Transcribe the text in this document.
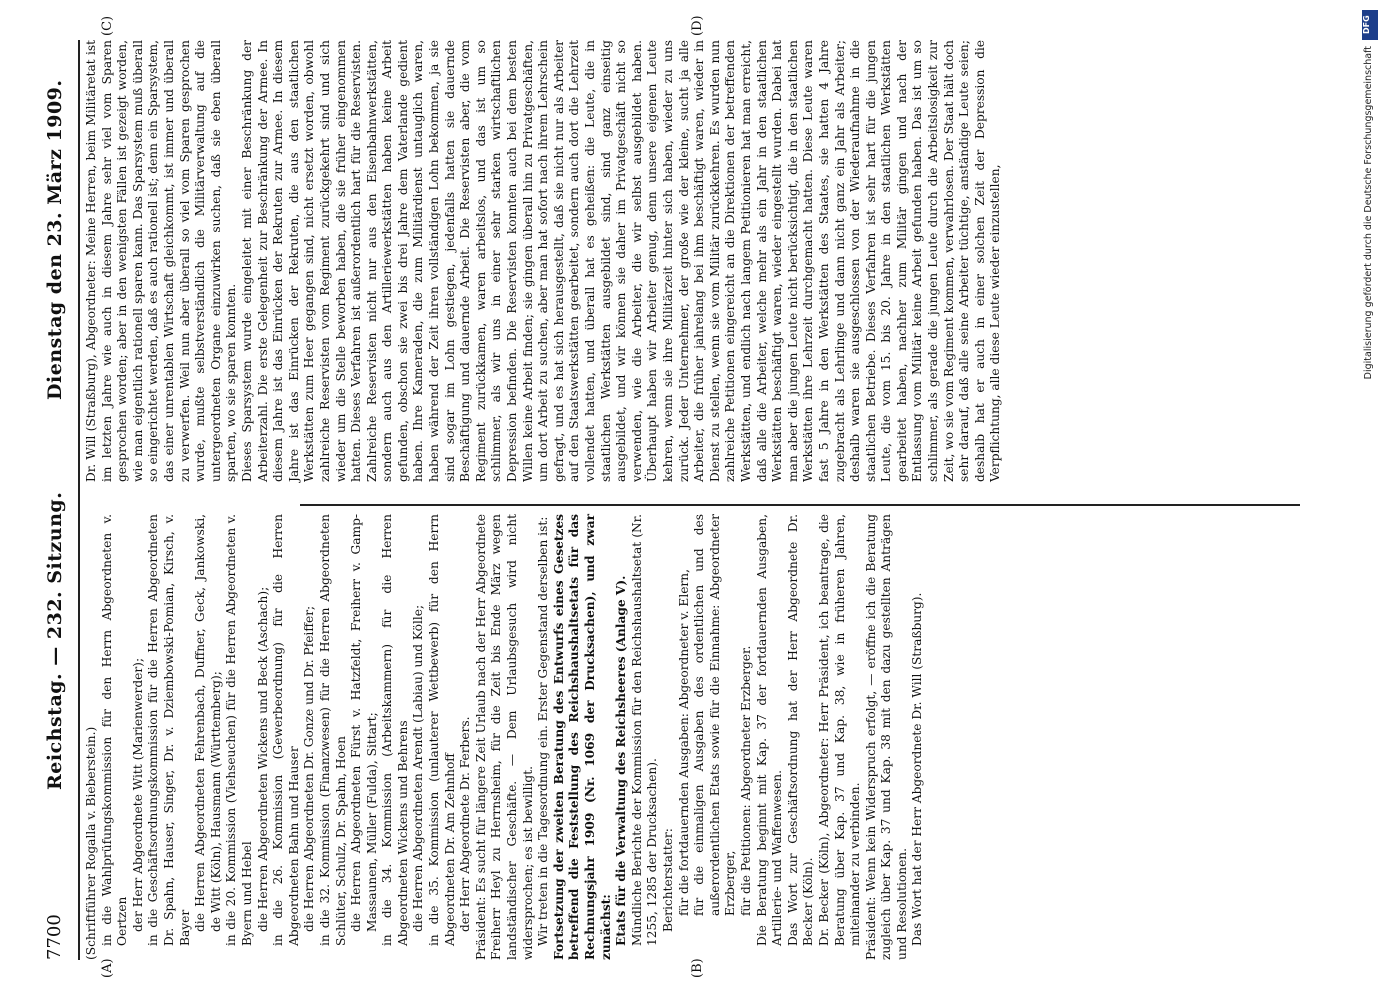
7700
Reichstag. — 232. Sitzung.
Dienstag den 23. März 1909.
(A)	(B)
(C)	(D)

(Schriftführer Rogalla v. Bieberstein.) in die Wahlprüfungskommission für den Herrn Abgeordneten v. Oertzen der Herr Abgeordnete Witt (Marienwerder); in die Geschäftsordnungskommission für die Herren Abgeordneten Dr. Spahn, Hauser, Singer, Dr. v. Dziembowski-Pomian, Kirsch, v. Bayer die Herren Abgeordneten Fehrenbach, Duffner, Geck, Jankowski, de Witt (Köln), Hausmann (Württemberg); in die 20. Kommission (Viehseuchen) für die Herren Abgeordneten v. Byern und Hebel die Herren Abgeordneten Wickens und Beck (Aschach); in die 26. Kommission (Gewerbeordnung) für die Herren Abgeordneten Bahn und Hauser die Herren Abgeordneten Dr. Gonze und Dr. Pfeiffer; in die 32. Kommission (Finanzwesen) für die Herren Abgeordneten Schlüter, Schulz, Dr. Spahn, Hoen die Herren Abgeordneten Fürst v. Hatzfeldt, Freiherr v. Gamp-Massaunen, Müller (Fulda), Sittart; in die 34. Kommission (Arbeitskammern) für die Herren Abgeordneten Wickens und Behrens die Herren Abgeordneten Arendt (Labiau) und Kölle; in die 35. Kommission (unlauterer Wettbewerb) für den Herrn Abgeordneten Dr. Am Zehnhoff der Herr Abgeordnete Dr. Ferbers. Präsident: Es sucht für längere Zeit Urlaub nach der Herr Abgeordnete Freiherr Heyl zu Herrnsheim, für die Zeit bis Ende März wegen landständischer Geschäfte. — Dem Urlaubsgesuch wird nicht widersprochen; es ist bewilligt. Wir treten in die Tagesordnung ein. Erster Gegenstand derselben ist: Fortsetzung der zweiten Beratung des Entwurfs eines Gesetzes betreffend die Feststellung des Reichshaushaltsetats für das Rechnungsjahr 1909 (Nr. 1069 der Drucksachen), und zwar zunächst: Etats für die Verwaltung des Reichsheeres (Anlage V). Mündliche Berichte der Kommission für den Reichshaushaltsetat (Nr. 1255, 1285 der Drucksachen). Berichterstatter: für die fortdauernden Ausgaben: Abgeordneter v. Elern, für die einmaligen Ausgaben des ordentlichen und des außerordentlichen Etats sowie für die Einnahme: Abgeordneter Erzberger, für die Petitionen: Abgeordneter Erzberger. Die Beratung beginnt mit Kap. 37 der fortdauernden Ausgaben, Artillerie- und Waffenwesen. Das Wort zur Geschäftsordnung hat der Herr Abgeordnete Dr. Becker (Köln). Dr. Becker (Köln), Abgeordneter: Herr Präsident, ich beantrage, die Beratung über Kap. 37 und Kap. 38, wie in früheren Jahren, miteinander zu verbinden. Präsident: Wenn kein Widerspruch erfolgt, — eröffne ich die Beratung zugleich über Kap. 37 und Kap. 38 mit den dazu gestellten Anträgen und Resolutionen. Das Wort hat der Herr Abgeordnete Dr. Will (Straßburg).

Dr. Will (Straßburg), Abgeordneter: Meine Herren, beim Militäretat ist im letzten Jahre wie auch in diesem Jahre sehr viel vom Sparen gesprochen worden; aber in den wenigsten Fällen ist gezeigt worden, wie man eigentlich rationell sparen kann. Das Sparsystem muß überall so eingerichtet werden, daß es auch rationell ist; denn ein Sparsystem, das einer unrentablen Wirtschaft gleichkommt, ist immer und überall zu verwerfen. Weil nun aber überall so viel vom Sparen gesprochen wurde, mußte selbstverständlich die Militärverwaltung auf die untergeordneten Organe einzuwirken suchen, daß sie eben überall sparten, wo sie sparen konnten. Dieses Sparsystem wurde eingeleitet mit einer Beschränkung der Arbeiterzahl. Die erste Gelegenheit zur Beschränkung der Armee. In diesem Jahre ist das Einrücken der Rekruten zur Armee. In diesem Jahre ist das Einrücken der Rekruten, die aus den staatlichen Werkstätten zum Heer gegangen sind, nicht ersetzt worden, obwohl zahlreiche Reservisten vom Regiment zurückgekehrt sind und sich wieder um die Stelle beworben haben, die sie früher eingenommen hatten. Dieses Verfahren ist außerordentlich hart für die Reservisten. Zahlreiche Reservisten nicht nur aus den Eisenbahnwerkstätten, sondern auch aus den Artilleriewerkstätten haben keine Arbeit gefunden, obschon sie zwei bis drei Jahre dem Vaterlande gedient haben. Ihre Kameraden, die zum Militärdienst untauglich waren, haben während der Zeit ihren vollständigen Lohn bekommen, ja sie sind sogar im Lohn gestiegen, jedenfalls hatten sie dauernde Beschäftigung und dauernde Arbeit. Die Reservisten aber, die vom Regiment zurückkamen, waren arbeitslos, und das ist um so schlimmer, als wir uns in einer sehr starken wirtschaftlichen Depression befinden. Die Reservisten konnten auch bei dem besten Willen keine Arbeit finden; sie gingen überall hin zu Privatgeschäften, um dort Arbeit zu suchen, aber man hat sofort nach ihrem Lehrschein gefragt, und es hat sich herausgestellt, daß sie nicht nur als Arbeiter auf den Staatswerkstätten gearbeitet, sondern auch dort die Lehrzeit vollendet hatten, und überall hat es geheißen: die Leute, die in staatlichen Werkstätten ausgebildet sind, sind ganz einseitig ausgebildet, und wir können sie daher im Privatgeschäft nicht so verwenden, wie die Arbeiter, die wir selbst ausgebildet haben. Überhaupt haben wir Arbeiter genug, denn unsere eigenen Leute kehren, wenn sie ihre Militärzeit hinter sich haben, wieder zu uns zurück. Jeder Unternehmer, der große wie der kleine, sucht ja alle Arbeiter, die früher jahrelang bei ihm beschäftigt waren, wieder in Dienst zu stellen, wenn sie vom Militär zurückkehren. Es wurden nun zahlreiche Petitionen eingereicht an die Direktionen der betreffenden Werkstätten, und endlich nach langem Petitionieren hat man erreicht, daß alle die Arbeiter, welche mehr als ein Jahr in den staatlichen Werkstätten beschäftigt waren, wieder eingestellt wurden. Dabei hat man aber die jungen Leute nicht berücksichtigt, die in den staatlichen Werkstätten ihre Lehrzeit durchgemacht hatten. Diese Leute waren fast 5 Jahre in den Werkstätten des Staates, sie hatten 4 Jahre zugebracht als Lehrlinge und dann nicht ganz ein Jahr als Arbeiter; deshalb waren sie ausgeschlossen von der Wiederaufnahme in die staatlichen Betriebe. Dieses Verfahren ist sehr hart für die jungen Leute, die vom 15. bis 20. Jahre in den staatlichen Werkstätten gearbeitet haben, nachher zum Militär gingen und nach der Entlassung vom Militär keine Arbeit gefunden haben. Das ist um so schlimmer, als gerade die jungen Leute durch die Arbeitslosigkeit zur Zeit, wo sie vom Regiment kommen, verwahrlosen. Der Staat hält doch sehr darauf, daß alle seine Arbeiter tüchtige, anständige Leute seien; deshalb hat er auch in einer solchen Zeit der Depression die Verpflichtung, alle diese Leute wieder einzustellen,

DFG
Digitalisierung gefördert durch die Deutsche Forschungsgemeinschaft
